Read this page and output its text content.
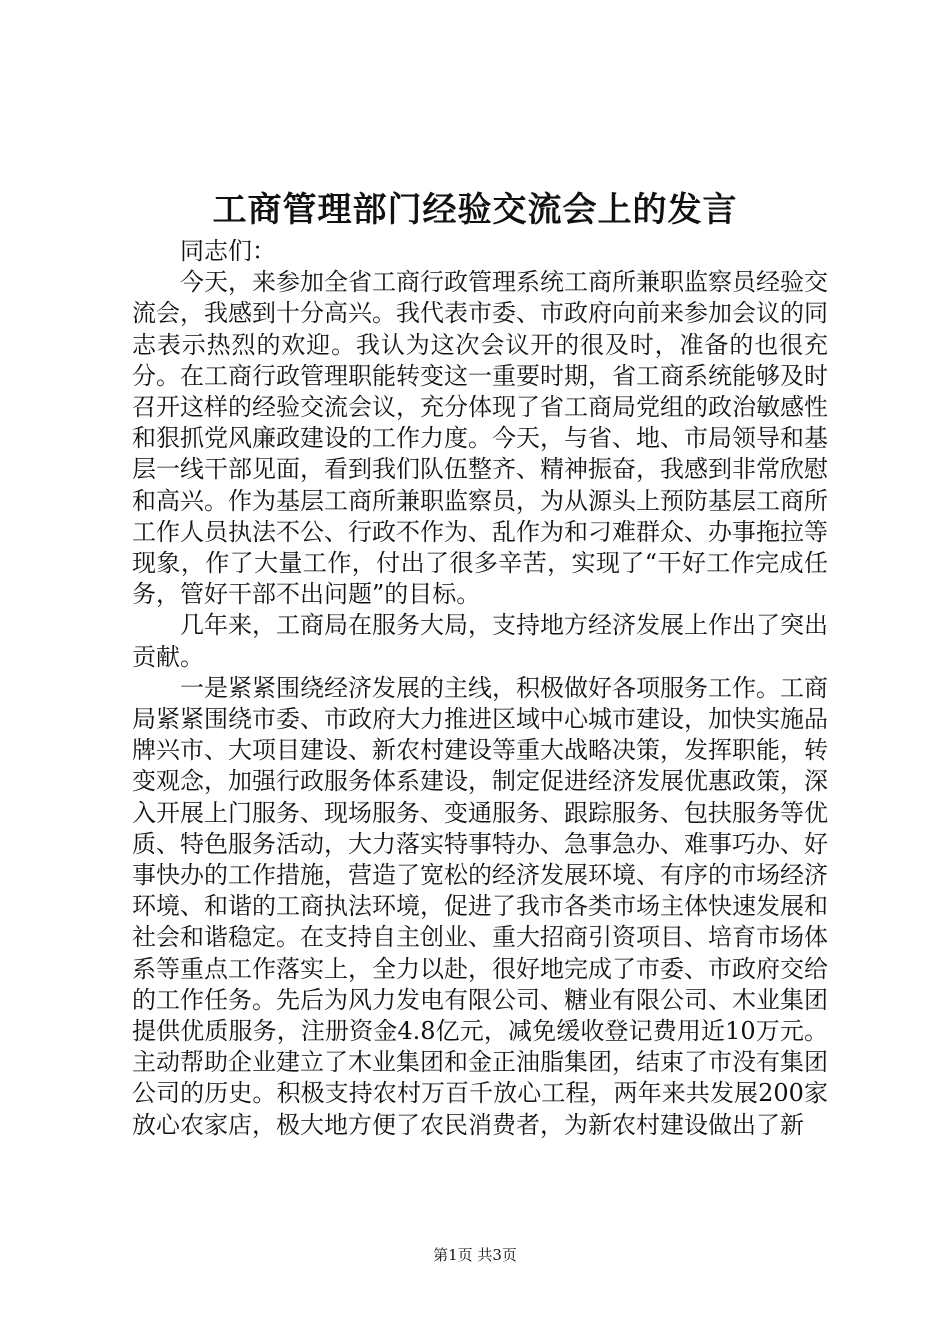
工商管理部门经验交流会上的发言

同志们：

今天，来参加全省工商行政管理系统工商所兼职监察员经验交流会，我感到十分高兴。我代表市委、市政府向前来参加会议的同志表示热烈的欢迎。我认为这次会议开的很及时，准备的也很充分。在工商行政管理职能转变这一重要时期，省工商系统能够及时召开这样的经验交流会议，充分体现了省工商局党组的政治敏感性和狠抓党风廉政建设的工作力度。今天，与省、地、市局领导和基层一线干部见面，看到我们队伍整齐、精神振奋，我感到非常欣慰和高兴。作为基层工商所兼职监察员，为从源头上预防基层工商所工作人员执法不公、行政不作为、乱作为和刁难群众、办事拖拉等现象，作了大量工作，付出了很多辛苦，实现了“干好工作完成任务，管好干部不出问题”的目标。

几年来，工商局在服务大局，支持地方经济发展上作出了突出贡献。

一是紧紧围绕经济发展的主线，积极做好各项服务工作。工商局紧紧围绕市委、市政府大力推进区域中心城市建设，加快实施品牌兴市、大项目建设、新农村建设等重大战略决策，发挥职能，转变观念，加强行政服务体系建设，制定促进经济发展优惠政策，深入开展上门服务、现场服务、变通服务、跟踪服务、包扶服务等优质、特色服务活动，大力落实特事特办、急事急办、难事巧办、好事快办的工作措施，营造了宽松的经济发展环境、有序的市场经济环境、和谐的工商执法环境，促进了我市各类市场主体快速发展和社会和谐稳定。在支持自主创业、重大招商引资项目、培育市场体系等重点工作落实上，全力以赴，很好地完成了市委、市政府交给的工作任务。先后为风力发电有限公司、糖业有限公司、木业集团提供优质服务，注册资金4.8亿元，减免缓收登记费用近10万元。主动帮助企业建立了木业集团和金正油脂集团，结束了市没有集团公司的历史。积极支持农村万百千放心工程，两年来共发展200家放心农家店，极大地方便了农民消费者，为新农村建设做出了新

第1页 共3页
